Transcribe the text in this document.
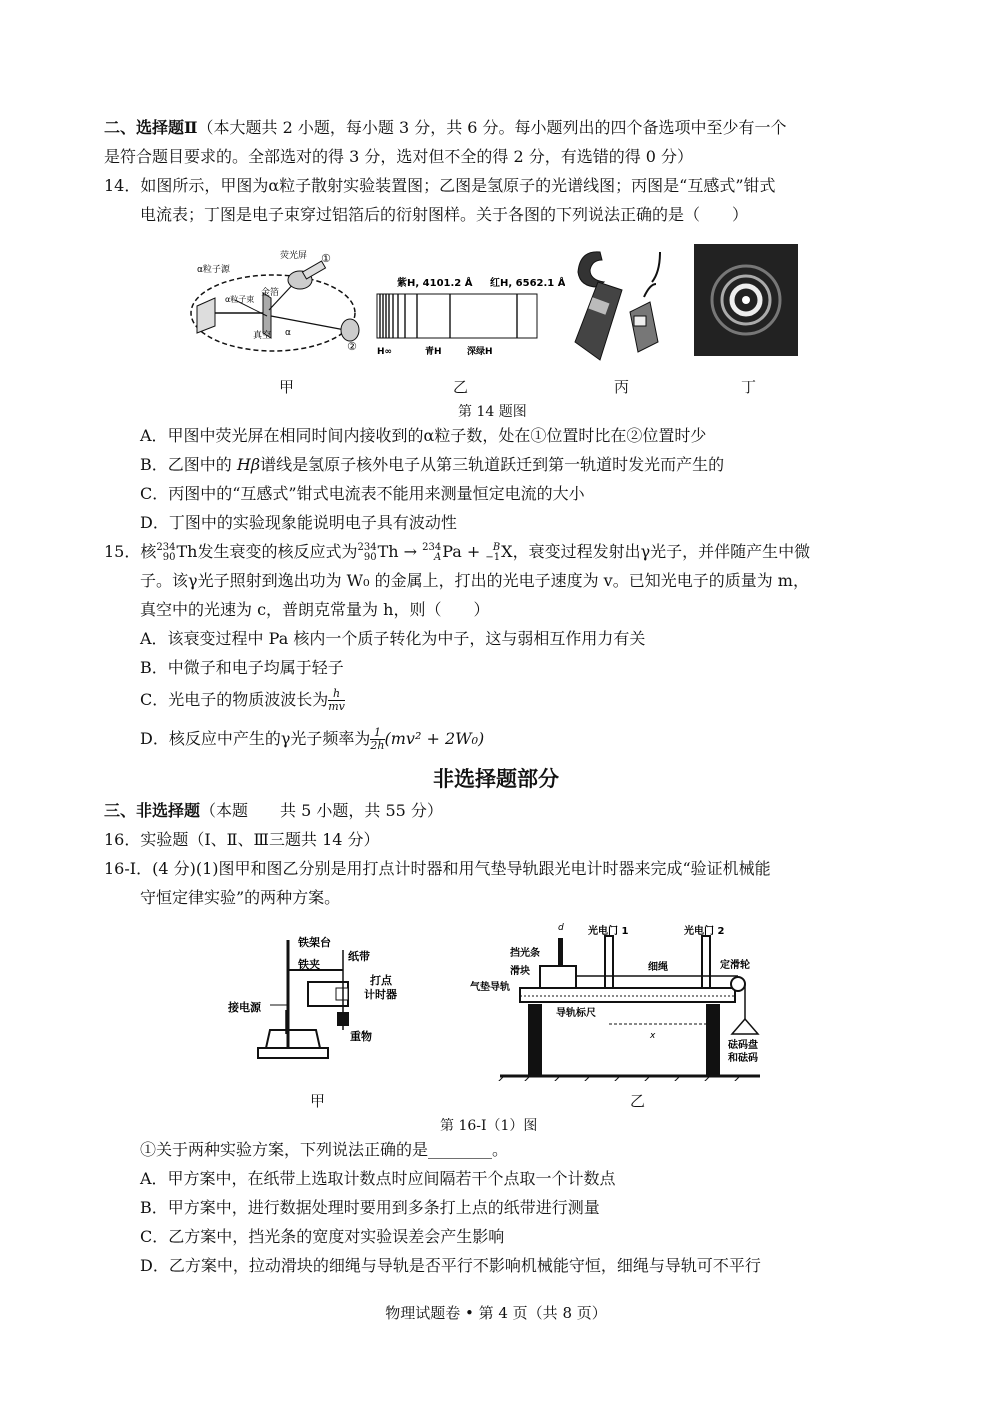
二、选择题Ⅱ（本大题共 2 小题，每小题 3 分，共 6 分。每小题列出的四个备选项中至少有一个
是符合题目要求的。全部选对的得 3 分，选对但不全的得 2 分，有选错的得 0 分）
14．如图所示，甲图为α粒子散射实验装置图；乙图是氢原子的光谱线图；丙图是“互感式”钳式
电流表；丁图是电子束穿过铝箔后的衍射图样。关于各图的下列说法正确的是（　　）
α粒子源
荧光屏
金箔
α粒子束
真空
①
②
α
紫H, 4101.2 Å 红H, 6562.1 Å
H∞	青H	深绿H
甲	乙	丙	丁
第 14 题图
A．甲图中荧光屏在相同时间内接收到的α粒子数，处在①位置时比在②位置时少
B．乙图中的 Hβ谱线是氢原子核外电子从第三轨道跃迁到第一轨道时发光而产生的
C．丙图中的“互感式”钳式电流表不能用来测量恒定电流的大小
D．丁图中的实验现象能说明电子具有波动性
15．核 234
90 Th发生衰变的核反应式为 234
90 Th → 234
A Pa +	B
−1 X，衰变过程发射出γ光子，并伴随产生中微
子。该γ光子照射到逸出功为 W₀ 的金属上，打出的光电子速度为 v。已知光电子的质量为 m，
真空中的光速为 c，普朗克常量为 h，则（　　）
A．该衰变过程中 Pa 核内一个质子转化为中子，这与弱相互作用力有关
B．中微子和电子均属于轻子
C．光电子的物质波波长为 $\frac{h}{mv}$
D．核反应中产生的γ光子频率为 $\frac{1}{2h} (mv^2 + 2W_0)$
非选择题部分
三、非选择题（本题　　共 5 小题，共 55 分）
16．实验题（Ⅰ、Ⅱ、Ⅲ三题共 14 分）
16-Ⅰ．(4 分)(1)图甲和图乙分别是用打点计时器和用气垫导轨跟光电计时器来完成“验证机械能
守恒定律实验”的两种方案。
铁架台
铁夹
纸带
打点
计时器
接电源
重物	x
d
挡光条
滑块
气垫导轨
光电门 1	光电门 2
细绳	定滑轮
导轨标尺
砝码盘
和砝码
甲	乙
第 16-Ⅰ（1）图
①关于两种实验方案，下列说法正确的是________。
A．甲方案中，在纸带上选取计数点时应间隔若干个点取一个计数点
B．甲方案中，进行数据处理时要用到多条打上点的纸带进行测量
C．乙方案中，挡光条的宽度对实验误差会产生影响
D．乙方案中，拉动滑块的细绳与导轨是否平行不影响机械能守恒，细绳与导轨可不平行
物理试题卷 • 第 4 页（共 8 页）
